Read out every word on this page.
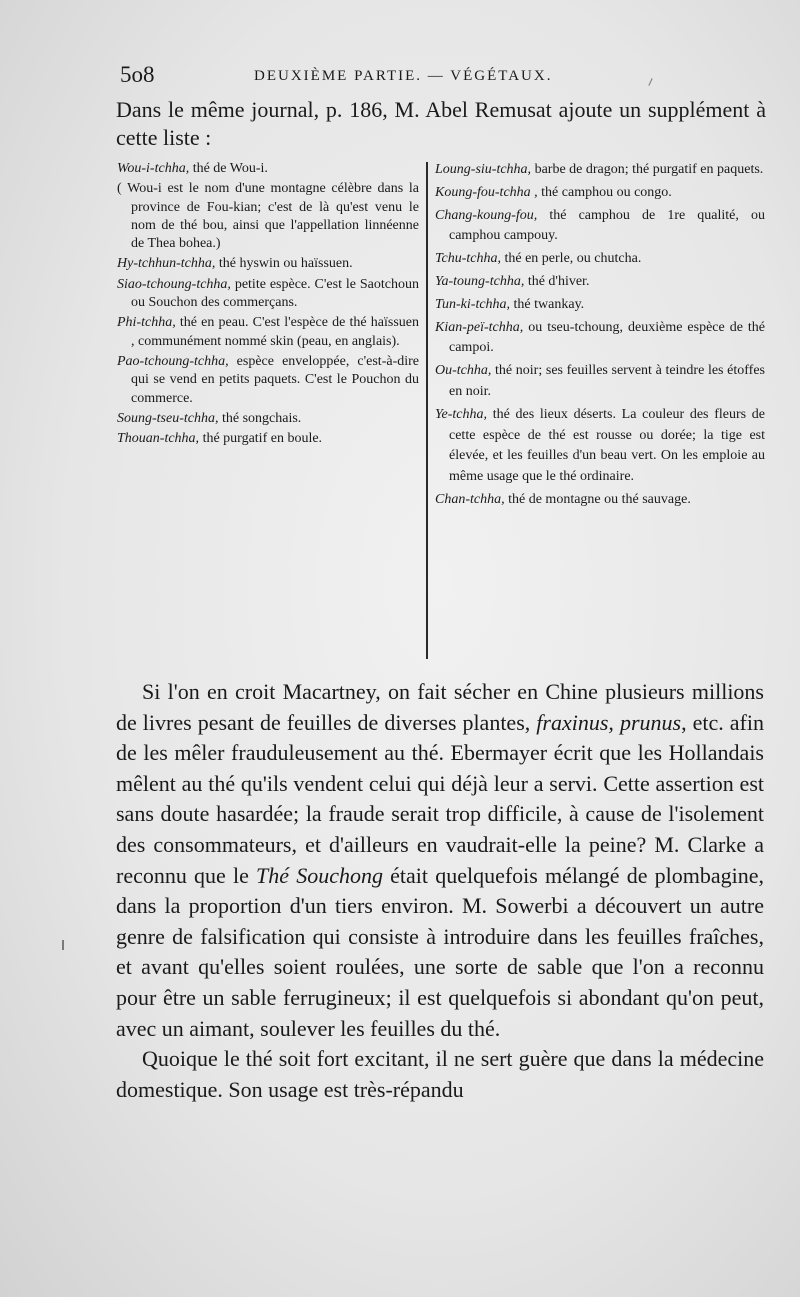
5o8	DEUXIÈME PARTIE. — VÉGÉTAUX.
Dans le même journal, p. 186, M. Abel Remusat ajoute un supplément à cette liste :

Wou-i-tchha, thé de Wou-i.

( Wou-i est le nom d'une montagne célèbre dans la province de Fou-kian; c'est de là qu'est venu le nom de thé bou, ainsi que l'appellation linnéenne de Thea bohea.)

Hy-tchhun-tchha, thé hyswin ou haïssuen.

Siao-tchoung-tchha, petite espèce. C'est le Saotchoun ou Souchon des commerçans.

Phi-tchha, thé en peau. C'est l'espèce de thé haïssuen , communément nommé skin (peau, en anglais).

Pao-tchoung-tchha, espèce enveloppée, c'est-à-dire qui se vend en petits paquets. C'est le Pouchon du commerce.

Soung-tseu-tchha, thé songchais.

Thouan-tchha, thé purgatif en boule.

Loung-siu-tchha, barbe de dragon; thé purgatif en paquets.

Koung-fou-tchha , thé camphou ou congo.

Chang-koung-fou, thé camphou de 1re qualité, ou camphou campouy.

Tchu-tchha, thé en perle, ou chutcha.

Ya-toung-tchha, thé d'hiver.

Tun-ki-tchha, thé twankay.

Kian-peï-tchha, ou tseu-tchoung, deuxième espèce de thé campoi.

Ou-tchha, thé noir; ses feuilles servent à teindre les étoffes en noir.

Ye-tchha, thé des lieux déserts. La couleur des fleurs de cette espèce de thé est rousse ou dorée; la tige est élevée, et les feuilles d'un beau vert. On les emploie au même usage que le thé ordinaire.

Chan-tchha, thé de montagne ou thé sauvage.

Si l'on en croit Macartney, on fait sécher en Chine plusieurs millions de livres pesant de feuilles de diverses plantes, fraxinus, prunus, etc. afin de les mêler frauduleusement au thé. Ebermayer écrit que les Hollandais mêlent au thé qu'ils vendent celui qui déjà leur a servi. Cette assertion est sans doute hasardée; la fraude serait trop difficile, à cause de l'isolement des consommateurs, et d'ailleurs en vaudrait-elle la peine? M. Clarke a reconnu que le Thé Souchong était quelquefois mélangé de plombagine, dans la proportion d'un tiers environ. M. Sowerbi a découvert un autre genre de falsification qui consiste à introduire dans les feuilles fraîches, et avant qu'elles soient roulées, une sorte de sable que l'on a reconnu pour être un sable ferrugineux; il est quelquefois si abondant qu'on peut, avec un aimant, soulever les feuilles du thé.

Quoique le thé soit fort excitant, il ne sert guère que dans la médecine domestique. Son usage est très-répandu
